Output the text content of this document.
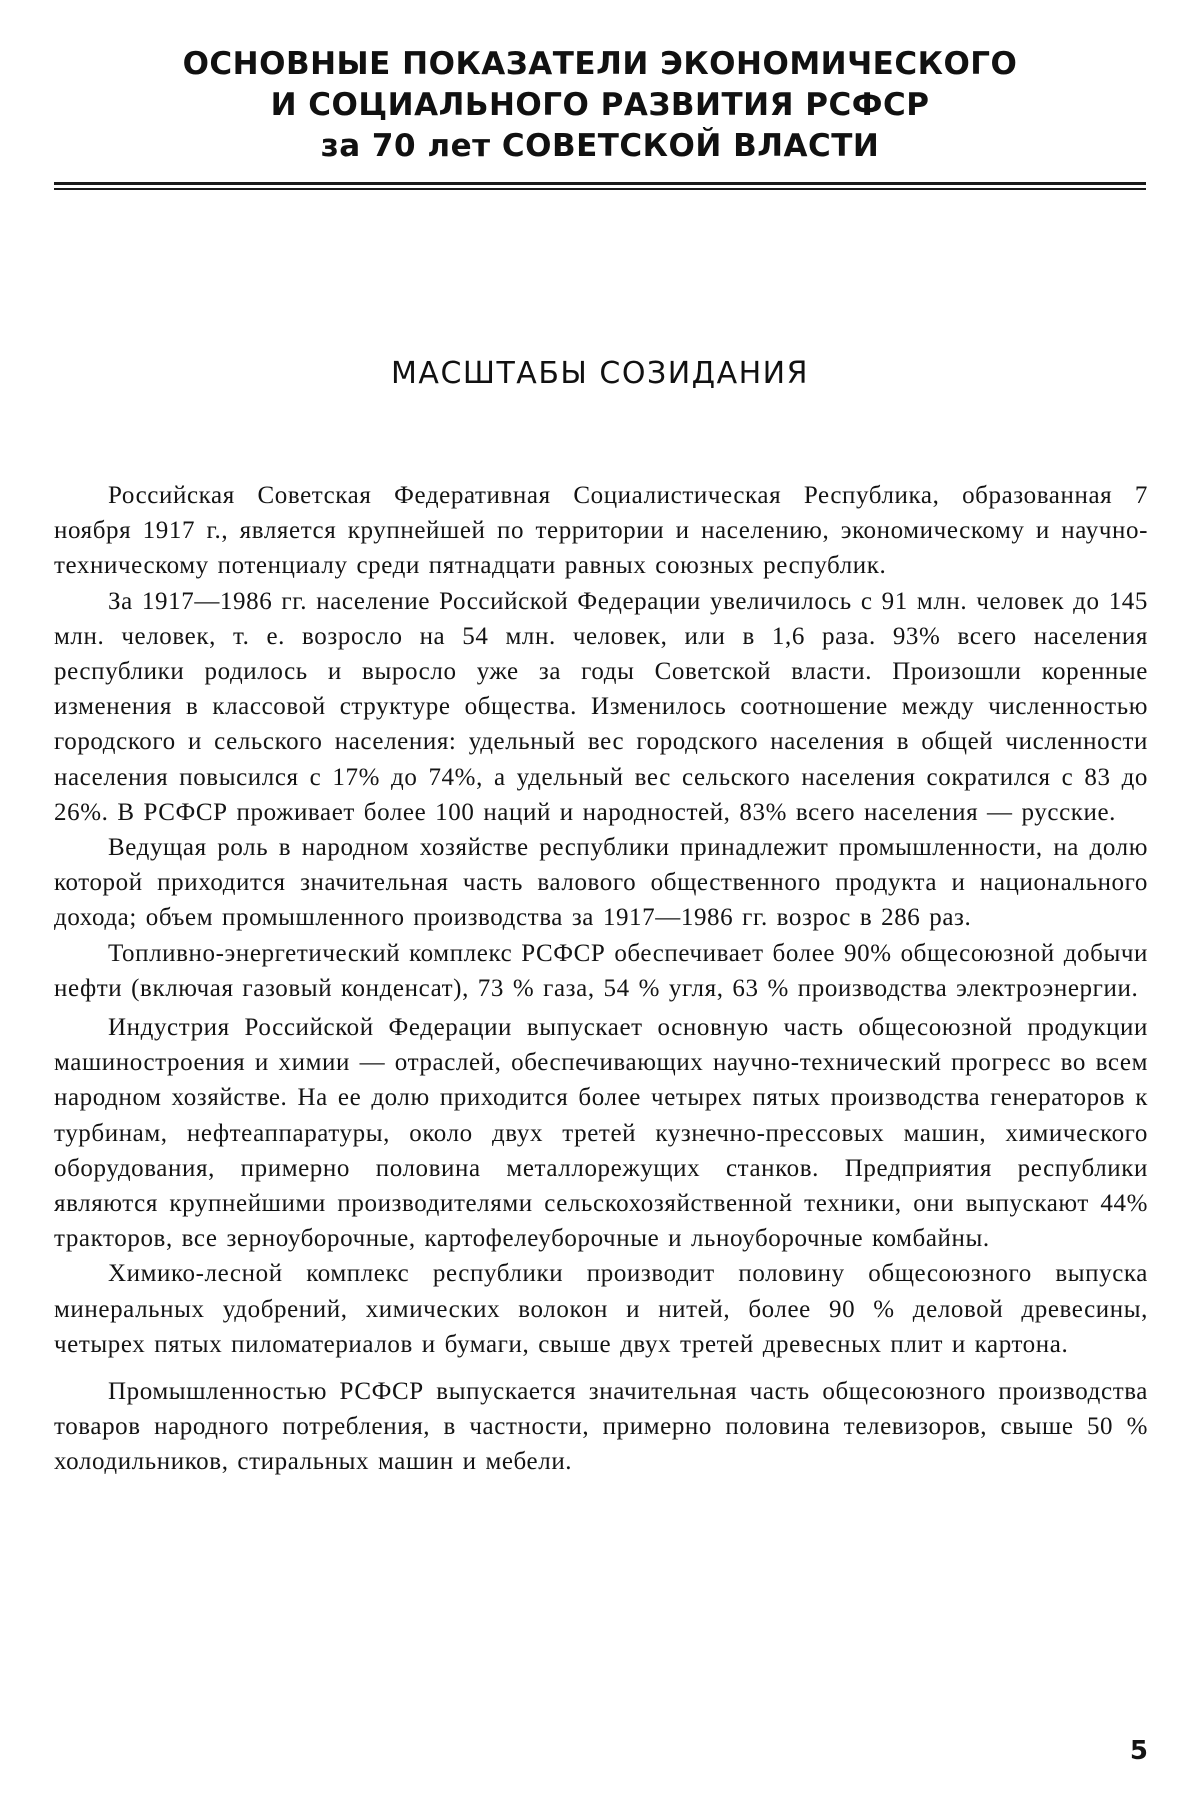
ОСНОВНЫЕ ПОКАЗАТЕЛИ ЭКОНОМИЧЕСКОГО
И СОЦИАЛЬНОГО РАЗВИТИЯ РСФСР
за 70 лет СОВЕТСКОЙ ВЛАСТИ
МАСШТАБЫ СОЗИДАНИЯ

Российская Советская Федеративная Социалистическая Республика, образованная 7 ноября 1917 г., является крупнейшей по территории и населению, экономическому и научно-техническому потенциалу среди пятнадцати равных союзных республик.

За 1917—1986 гг. население Российской Федерации увеличилось с 91 млн. человек до 145 млн. человек, т. е. возросло на 54 млн. человек, или в 1,6 раза. 93% всего населения республики родилось и выросло уже за годы Советской власти. Произошли коренные изменения в классовой структуре общества. Изменилось соотношение между численностью городского и сельского населения: удельный вес городского населения в общей численности населения повысился с 17% до 74%, а удельный вес сельского населения сократился с 83 до 26%. В РСФСР проживает более 100 наций и народностей, 83% всего населения — русские.

Ведущая роль в народном хозяйстве республики принадлежит промышленности, на долю которой приходится значительная часть валового общественного продукта и национального дохода; объем промышленного производства за 1917—1986 гг. возрос в 286 раз.

Топливно-энергетический комплекс РСФСР обеспечивает более 90% общесоюзной добычи нефти (включая газовый конденсат), 73 % газа, 54 % угля, 63 % производства электроэнергии.

Индустрия Российской Федерации выпускает основную часть общесоюзной продукции машиностроения и химии — отраслей, обеспечивающих научно-технический прогресс во всем народном хозяйстве. На ее долю приходится более четырех пятых производства генераторов к турбинам, нефтеаппаратуры, около двух третей кузнечно-прессовых машин, химического оборудования, примерно половина металлорежущих станков. Предприятия республики являются крупнейшими производителями сельскохозяйственной техники, они выпускают 44% тракторов, все зерноуборочные, картофелеуборочные и льноуборочные комбайны.

Химико-лесной комплекс республики производит половину общесоюзного выпуска минеральных удобрений, химических волокон и нитей, более 90 % деловой древесины, четырех пятых пиломатериалов и бумаги, свыше двух третей древесных плит и картона.

Промышленностью РСФСР выпускается значительная часть общесоюзного производства товаров народного потребления, в частности, примерно половина телевизоров, свыше 50 % холодильников, стиральных машин и мебели.

5
